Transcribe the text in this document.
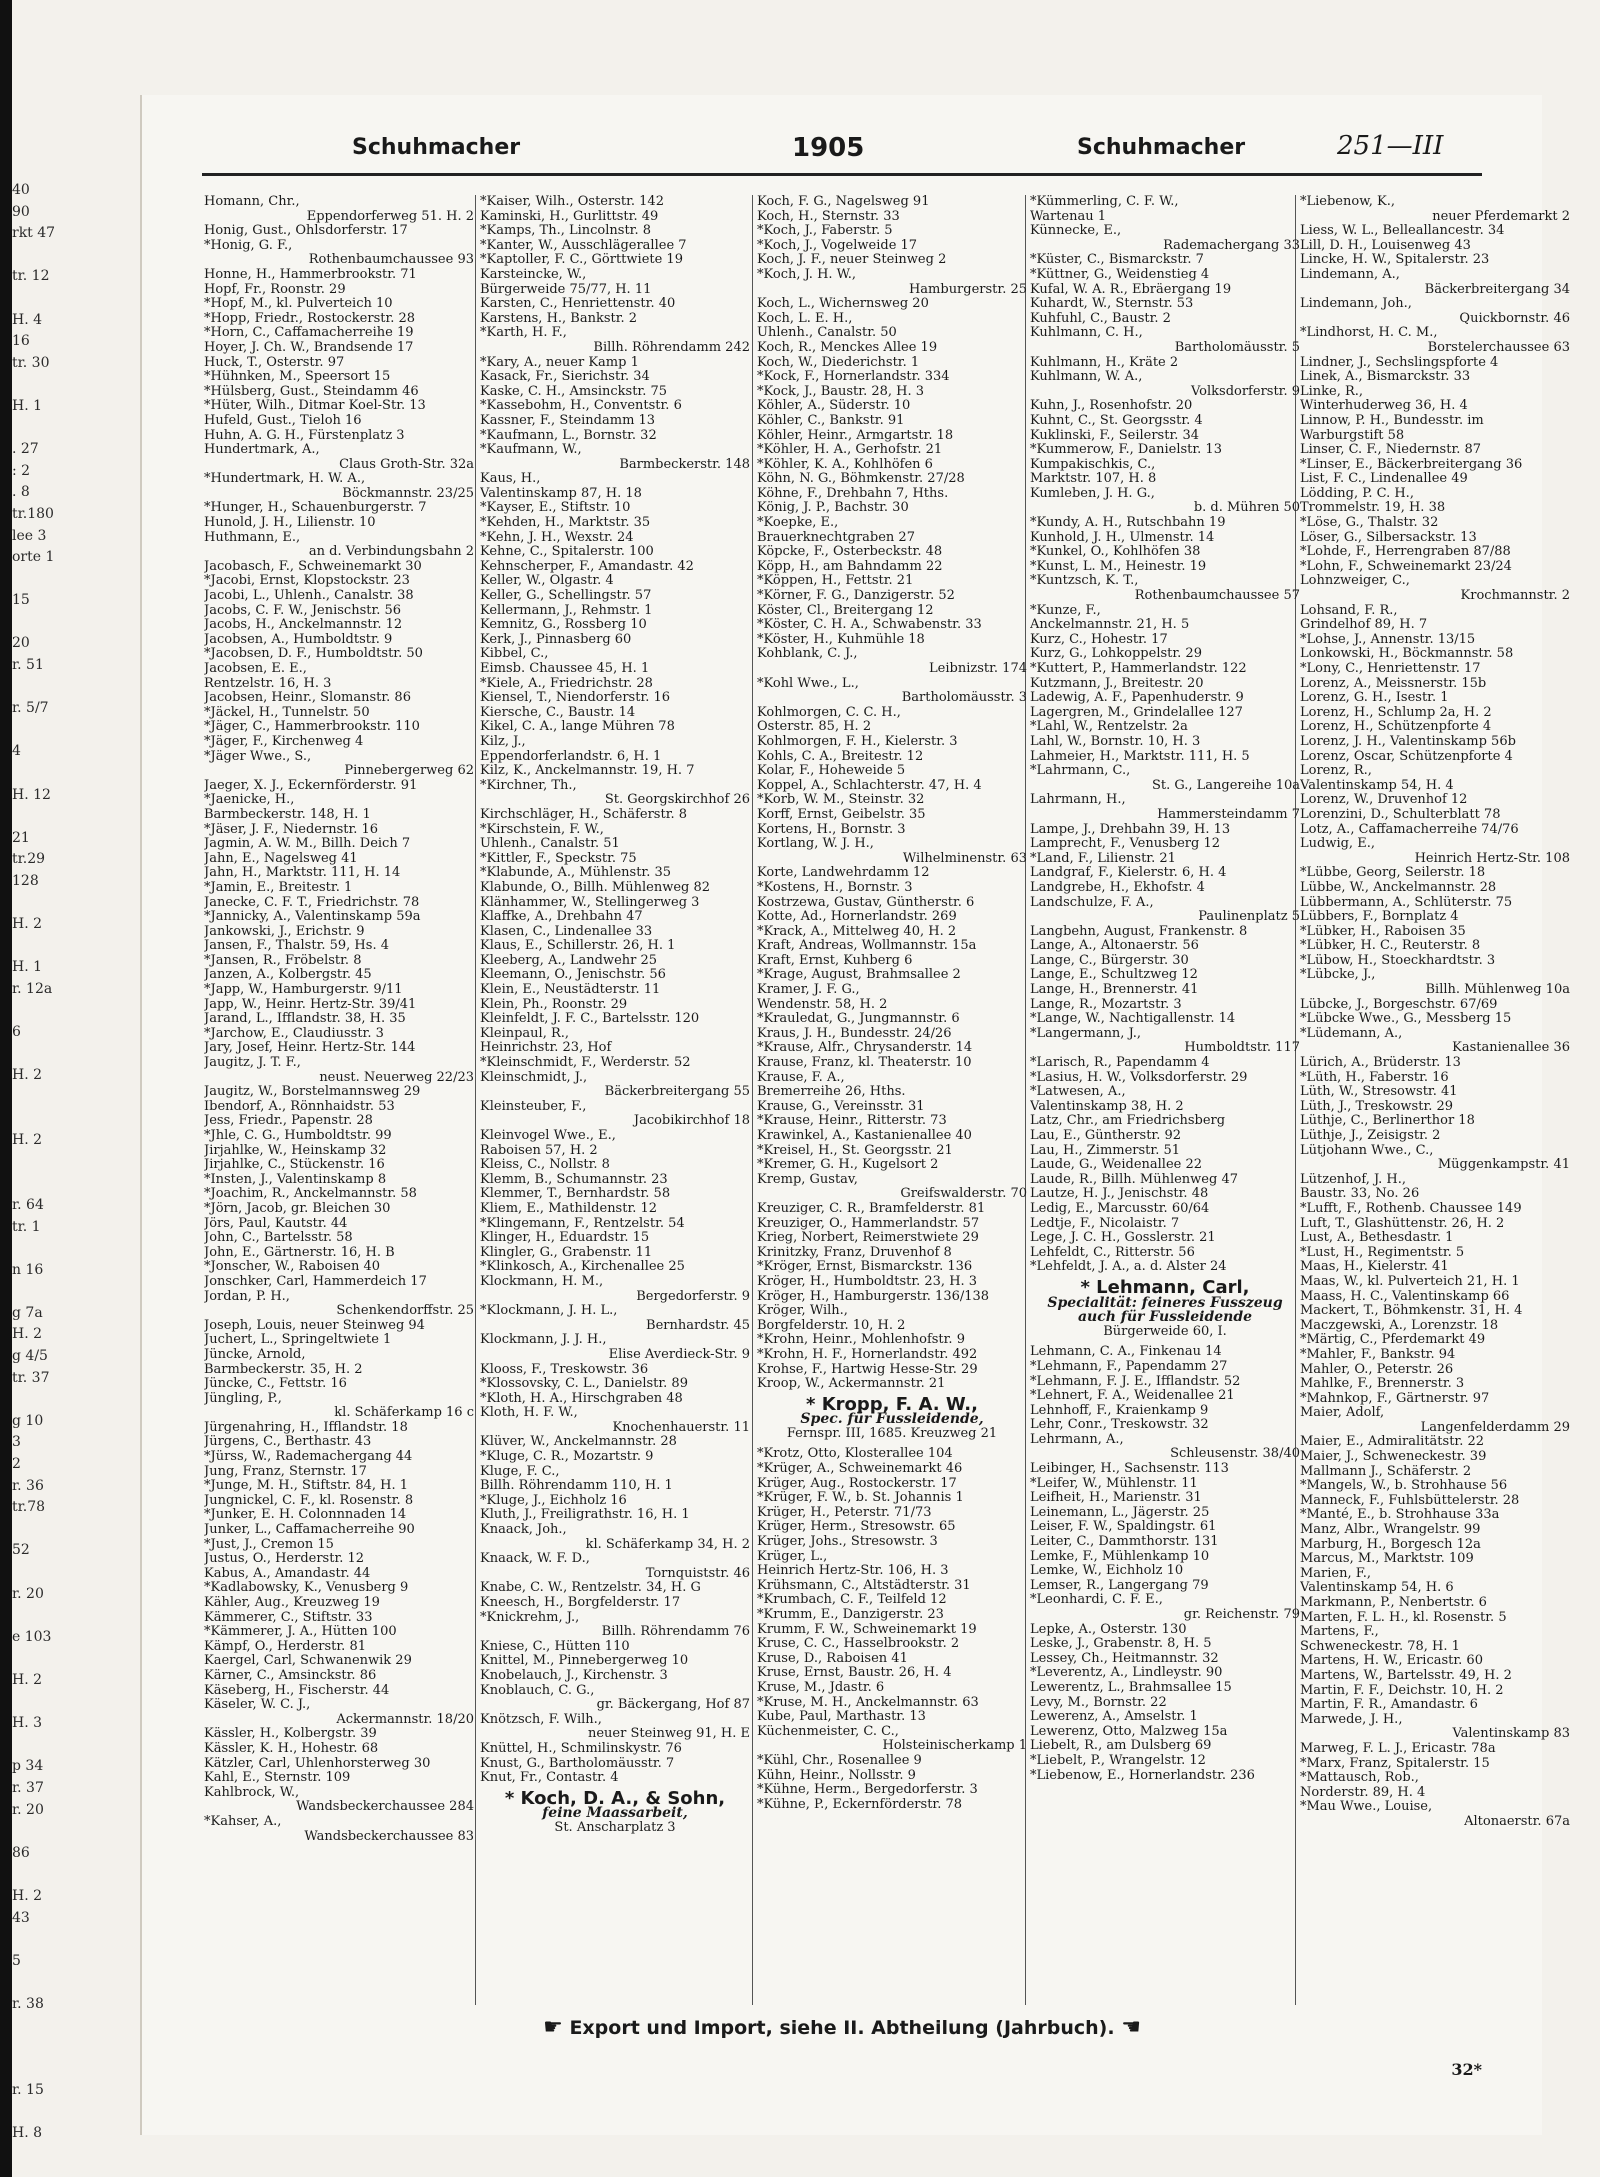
40
90
rkt 47

tr. 12

H. 4
16
tr. 30

H. 1

. 27
: 2
. 8
tr.180
lee 3
orte 1

15

20
r. 51

r. 5/7

4

H. 12

21
tr.29
128

H. 2

H. 1
r. 12a

6

H. 2

H. 2

r. 64
tr. 1

n 16

g 7a
H. 2
g 4/5
tr. 37

g 10
3
2
r. 36
tr.78

52

r. 20

e 103

H. 2

H. 3

p 34
r. 37
r. 20

86

H. 2
43

5

r. 38

r. 15

H. 8
Schuhmacher	1905	Schuhmacher	251—III
Homann, Chr.,
Eppendorferweg 51. H. 2
Honig, Gust., Ohlsdorferstr. 17
*Honig, G. F.,
Rothenbaumchaussee 93
Honne, H., Hammerbrookstr. 71
Hopf, Fr., Roonstr. 29
*Hopf, M., kl. Pulverteich 10
*Hopp, Friedr., Rostockerstr. 28
*Horn, C., Caffamacherreihe 19
Hoyer, J. Ch. W., Brandsende 17
Huck, T., Osterstr. 97
*Hühnken, M., Speersort 15
*Hülsberg, Gust., Steindamm 46
*Hüter, Wilh., Ditmar Koel-Str. 13
Hufeld, Gust., Tieloh 16
Huhn, A. G. H., Fürstenplatz 3
Hundertmark, A.,
Claus Groth-Str. 32a
*Hundertmark, H. W. A.,
Böckmannstr. 23/25
*Hunger, H., Schauenburgerstr. 7
Hunold, J. H., Lilienstr. 10
Huthmann, E.,
an d. Verbindungsbahn 2
Jacobasch, F., Schweinemarkt 30
*Jacobi, Ernst, Klopstockstr. 23
Jacobi, L., Uhlenh., Canalstr. 38
Jacobs, C. F. W., Jenischstr. 56
Jacobs, H., Anckelmannstr. 12
Jacobsen, A., Humboldtstr. 9
*Jacobsen, D. F., Humboldtstr. 50
Jacobsen, E. E.,
Rentzelstr. 16, H. 3
Jacobsen, Heinr., Slomanstr. 86
*Jäckel, H., Tunnelstr. 50
*Jäger, C., Hammerbrookstr. 110
*Jäger, F., Kirchenweg 4
*Jäger Wwe., S.,
Pinnebergerweg 62
Jaeger, X. J., Eckernförderstr. 91
*Jaenicke, H.,
Barmbeckerstr. 148, H. 1
*Jäser, J. F., Niedernstr. 16
Jagmin, A. W. M., Billh. Deich 7
Jahn, E., Nagelsweg 41
Jahn, H., Marktstr. 111, H. 14
*Jamin, E., Breitestr. 1
Janecke, C. F. T., Friedrichstr. 78
*Jannicky, A., Valentinskamp 59a
Jankowski, J., Erichstr. 9
Jansen, F., Thalstr. 59, Hs. 4
*Jansen, R., Fröbelstr. 8
Janzen, A., Kolbergstr. 45
*Japp, W., Hamburgerstr. 9/11
Japp, W., Heinr. Hertz-Str. 39/41
Jarand, L., Ifflandstr. 38, H. 35
*Jarchow, E., Claudiusstr. 3
Jary, Josef, Heinr. Hertz-Str. 144
Jaugitz, J. T. F.,
neust. Neuerweg 22/23
Jaugitz, W., Borstelmannsweg 29
Ibendorf, A., Rönnhaidstr. 53
Jess, Friedr., Papenstr. 28
*Jhle, C. G., Humboldtstr. 99
Jirjahlke, W., Heinskamp 32
Jirjahlke, C., Stückenstr. 16
*Insten, J., Valentinskamp 8
*Joachim, R., Anckelmannstr. 58
*Jörn, Jacob, gr. Bleichen 30
Jörs, Paul, Kautstr. 44
John, C., Bartelsstr. 58
John, E., Gärtnerstr. 16, H. B
*Jonscher, W., Raboisen 40
Jonschker, Carl, Hammerdeich 17
Jordan, P. H.,
Schenkendorffstr. 25
Joseph, Louis, neuer Steinweg 94
Juchert, L., Springeltwiete 1
Jüncke, Arnold,
Barmbeckerstr. 35, H. 2
Jüncke, C., Fettstr. 16
Jüngling, P.,
kl. Schäferkamp 16 c
Jürgenahring, H., Ifflandstr. 18
Jürgens, C., Berthastr. 43
*Jürss, W., Rademachergang 44
Jung, Franz, Sternstr. 17
*Junge, M. H., Stiftstr. 84, H. 1
Jungnickel, C. F., kl. Rosenstr. 8
*Junker, E. H. Colonnnaden 14
Junker, L., Caffamacherreihe 90
*Just, J., Cremon 15
Justus, O., Herderstr. 12
Kabus, A., Amandastr. 44
*Kadlabowsky, K., Venusberg 9
Kähler, Aug., Kreuzweg 19
Kämmerer, C., Stiftstr. 33
*Kämmerer, J. A., Hütten 100
Kämpf, O., Herderstr. 81
Kaergel, Carl, Schwanenwik 29
Kärner, C., Amsinckstr. 86
Käseberg, H., Fischerstr. 44
Käseler, W. C. J.,
Ackermannstr. 18/20
Kässler, H., Kolbergstr. 39
Kässler, K. H., Hohestr. 68
Kätzler, Carl, Uhlenhorsterweg 30
Kahl, E., Sternstr. 109
Kahlbrock, W.,
Wandsbeckerchaussee 284
*Kahser, A.,
Wandsbeckerchaussee 83
*Kaiser, Wilh., Osterstr. 142
Kaminski, H., Gurlittstr. 49
*Kamps, Th., Lincolnstr. 8
*Kanter, W., Ausschlägerallee 7
*Kaptoller, F. C., Görttwiete 19
Karsteincke, W.,
Bürgerweide 75/77, H. 11
Karsten, C., Henriettenstr. 40
Karstens, H., Bankstr. 2
*Karth, H. F.,
Billh. Röhrendamm 242
*Kary, A., neuer Kamp 1
Kasack, Fr., Sierichstr. 34
Kaske, C. H., Amsinckstr. 75
*Kassebohm, H., Conventstr. 6
Kassner, F., Steindamm 13
*Kaufmann, L., Bornstr. 32
*Kaufmann, W.,
Barmbeckerstr. 148
Kaus, H.,
Valentinskamp 87, H. 18
*Kayser, E., Stiftstr. 10
*Kehden, H., Marktstr. 35
*Kehn, J. H., Wexstr. 24
Kehne, C., Spitalerstr. 100
Kehnscherper, F., Amandastr. 42
Keller, W., Olgastr. 4
Keller, G., Schellingstr. 57
Kellermann, J., Rehmstr. 1
Kemnitz, G., Rossberg 10
Kerk, J., Pinnasberg 60
Kibbel, C.,
Eimsb. Chaussee 45, H. 1
*Kiele, A., Friedrichstr. 28
Kiensel, T., Niendorferstr. 16
Kiersche, C., Baustr. 14
Kikel, C. A., lange Mühren 78
Kilz, J.,
Eppendorferlandstr. 6, H. 1
Kilz, K., Anckelmannstr. 19, H. 7
*Kirchner, Th.,
St. Georgskirchhof 26
Kirchschläger, H., Schäferstr. 8
*Kirschstein, F. W.,
Uhlenh., Canalstr. 51
*Kittler, F., Speckstr. 75
*Klabunde, A., Mühlenstr. 35
Klabunde, O., Billh. Mühlenweg 82
Klänhammer, W., Stellingerweg 3
Klaffke, A., Drehbahn 47
Klasen, C., Lindenallee 33
Klaus, E., Schillerstr. 26, H. 1
Kleeberg, A., Landwehr 25
Kleemann, O., Jenischstr. 56
Klein, E., Neustädterstr. 11
Klein, Ph., Roonstr. 29
Kleinfeldt, J. F. C., Bartelsstr. 120
Kleinpaul, R.,
Heinrichstr. 23, Hof
*Kleinschmidt, F., Werderstr. 52
Kleinschmidt, J.,
Bäckerbreitergang 55
Kleinsteuber, F.,
Jacobikirchhof 18
Kleinvogel Wwe., E.,
Raboisen 57, H. 2
Kleiss, C., Nollstr. 8
Klemm, B., Schumannstr. 23
Klemmer, T., Bernhardstr. 58
Kliem, E., Mathildenstr. 12
*Klingemann, F., Rentzelstr. 54
Klinger, H., Eduardstr. 15
Klingler, G., Grabenstr. 11
*Klinkosch, A., Kirchenallee 25
Klockmann, H. M.,
Bergedorferstr. 9
*Klockmann, J. H. L.,
Bernhardstr. 45
Klockmann, J. J. H.,
Elise Averdieck-Str. 9
Klooss, F., Treskowstr. 36
*Klossovsky, C. L., Danielstr. 89
*Kloth, H. A., Hirschgraben 48
Kloth, H. F. W.,
Knochenhauerstr. 11
Klüver, W., Anckelmannstr. 28
*Kluge, C. R., Mozartstr. 9
Kluge, F. C.,
Billh. Röhrendamm 110, H. 1
*Kluge, J., Eichholz 16
Kluth, J., Freiligrathstr. 16, H. 1
Knaack, Joh.,
kl. Schäferkamp 34, H. 2
Knaack, W. F. D.,
Tornquiststr. 46
Knabe, C. W., Rentzelstr. 34, H. G
Kneesch, H., Borgfelderstr. 17
*Knickrehm, J.,
Billh. Röhrendamm 76
Kniese, C., Hütten 110
Knittel, M., Pinnebergerweg 10
Knobelauch, J., Kirchenstr. 3
Knoblauch, C. G.,
gr. Bäckergang, Hof 87
Knötzsch, F. Wilh.,
neuer Steinweg 91, H. E
Knüttel, H., Schmilinskystr. 76
Knust, G., Bartholomäusstr. 7
Knut, Fr., Contastr. 4
* Koch, D. A., & Sohn,
feine Maassarbeit,
St. Anscharplatz 3
Koch, F. G., Nagelsweg 91
Koch, H., Sternstr. 33
*Koch, J., Faberstr. 5
*Koch, J., Vogelweide 17
Koch, J. F., neuer Steinweg 2
*Koch, J. H. W.,
Hamburgerstr. 25
Koch, L., Wichernsweg 20
Koch, L. E. H.,
Uhlenh., Canalstr. 50
Koch, R., Menckes Allee 19
Koch, W., Diederichstr. 1
*Kock, F., Hornerlandstr. 334
*Kock, J., Baustr. 28, H. 3
Köhler, A., Süderstr. 10
Köhler, C., Bankstr. 91
Köhler, Heinr., Armgartstr. 18
*Köhler, H. A., Gerhofstr. 21
*Köhler, K. A., Kohlhöfen 6
Köhn, N. G., Böhmkenstr. 27/28
Köhne, F., Drehbahn 7, Hths.
König, J. P., Bachstr. 30
*Koepke, E.,
Brauerknechtgraben 27
Köpcke, F., Osterbeckstr. 48
Köpp, H., am Bahndamm 22
*Köppen, H., Fettstr. 21
*Körner, F. G., Danzigerstr. 52
Köster, Cl., Breitergang 12
*Köster, C. H. A., Schwabenstr. 33
*Köster, H., Kuhmühle 18
Kohblank, C. J.,
Leibnizstr. 174
*Kohl Wwe., L.,
Bartholomäusstr. 3
Kohlmorgen, C. C. H.,
Osterstr. 85, H. 2
Kohlmorgen, F. H., Kielerstr. 3
Kohls, C. A., Breitestr. 12
Kolar, F., Hoheweide 5
Koppel, A., Schlachterstr. 47, H. 4
*Korb, W. M., Steinstr. 32
Korff, Ernst, Geibelstr. 35
Kortens, H., Bornstr. 3
Kortlang, W. J. H.,
Wilhelminenstr. 63
Korte, Landwehrdamm 12
*Kostens, H., Bornstr. 3
Kostrzewa, Gustav, Güntherstr. 6
Kotte, Ad., Hornerlandstr. 269
*Krack, A., Mittelweg 40, H. 2
Kraft, Andreas, Wollmannstr. 15a
Kraft, Ernst, Kuhberg 6
*Krage, August, Brahmsallee 2
Kramer, J. F. G.,
Wendenstr. 58, H. 2
*Krauledat, G., Jungmannstr. 6
Kraus, J. H., Bundesstr. 24/26
*Krause, Alfr., Chrysanderstr. 14
Krause, Franz, kl. Theaterstr. 10
Krause, F. A.,
Bremerreihe 26, Hths.
Krause, G., Vereinsstr. 31
*Krause, Heinr., Ritterstr. 73
Krawinkel, A., Kastanienallee 40
*Kreisel, H., St. Georgsstr. 21
*Kremer, G. H., Kugelsort 2
Kremp, Gustav,
Greifswalderstr. 70
Kreuziger, C. R., Bramfelderstr. 81
Kreuziger, O., Hammerlandstr. 57
Krieg, Norbert, Reimerstwiete 29
Krinitzky, Franz, Druvenhof 8
*Kröger, Ernst, Bismarckstr. 136
Kröger, H., Humboldtstr. 23, H. 3
Kröger, H., Hamburgerstr. 136/138
Kröger, Wilh.,
Borgfelderstr. 10, H. 2
*Krohn, Heinr., Mohlenhofstr. 9
*Krohn, H. F., Hornerlandstr. 492
Krohse, F., Hartwig Hesse-Str. 29
Kroop, W., Ackermannstr. 21
* Kropp, F. A. W.,
Spec. für Fussleidende,
Fernspr. III, 1685. Kreuzweg 21
*Krotz, Otto, Klosterallee 104
*Krüger, A., Schweinemarkt 46
Krüger, Aug., Rostockerstr. 17
*Krüger, F. W., b. St. Johannis 1
Krüger, H., Peterstr. 71/73
Krüger, Herm., Stresowstr. 65
Krüger, Johs., Stresowstr. 3
Krüger, L.,
Heinrich Hertz-Str. 106, H. 3
Krühsmann, C., Altstädterstr. 31
*Krumbach, C. F., Teilfeld 12
*Krumm, E., Danzigerstr. 23
Krumm, F. W., Schweinemarkt 19
Kruse, C. C., Hasselbrookstr. 2
Kruse, D., Raboisen 41
Kruse, Ernst, Baustr. 26, H. 4
Kruse, M., Jdastr. 6
*Kruse, M. H., Anckelmannstr. 63
Kube, Paul, Marthastr. 13
Küchenmeister, C. C.,
Holsteinischerkamp 1
*Kühl, Chr., Rosenallee 9
Kühn, Heinr., Nollsstr. 9
*Kühne, Herm., Bergedorferstr. 3
*Kühne, P., Eckernförderstr. 78
*Kümmerling, C. F. W.,
Wartenau 1
Künnecke, E.,
Rademachergang 33
*Küster, C., Bismarckstr. 7
*Küttner, G., Weidenstieg 4
Kufal, W. A. R., Ebräergang 19
Kuhardt, W., Sternstr. 53
Kuhfuhl, C., Baustr. 2
Kuhlmann, C. H.,
Bartholomäusstr. 5
Kuhlmann, H., Kräte 2
Kuhlmann, W. A.,
Volksdorferstr. 9
Kuhn, J., Rosenhofstr. 20
Kuhnt, C., St. Georgsstr. 4
Kuklinski, F., Seilerstr. 34
*Kummerow, F., Danielstr. 13
Kumpakischkis, C.,
Marktstr. 107, H. 8
Kumleben, J. H. G.,
b. d. Mühren 50
*Kundy, A. H., Rutschbahn 19
Kunhold, J. H., Ulmenstr. 14
*Kunkel, O., Kohlhöfen 38
*Kunst, L. M., Heinestr. 19
*Kuntzsch, K. T.,
Rothenbaumchaussee 57
*Kunze, F.,
Anckelmannstr. 21, H. 5
Kurz, C., Hohestr. 17
Kurz, G., Lohkoppelstr. 29
*Kuttert, P., Hammerlandstr. 122
Kutzmann, J., Breitestr. 20
Ladewig, A. F., Papenhuderstr. 9
Lagergren, M., Grindelallee 127
*Lahl, W., Rentzelstr. 2a
Lahl, W., Bornstr. 10, H. 3
Lahmeier, H., Marktstr. 111, H. 5
*Lahrmann, C.,
St. G., Langereihe 10a
Lahrmann, H.,
Hammersteindamm 7
Lampe, J., Drehbahn 39, H. 13
Lamprecht, F., Venusberg 12
*Land, F., Lilienstr. 21
Landgraf, F., Kielerstr. 6, H. 4
Landgrebe, H., Ekhofstr. 4
Landschulze, F. A.,
Paulinenplatz 5
Langbehn, August, Frankenstr. 8
Lange, A., Altonaerstr. 56
Lange, C., Bürgerstr. 30
Lange, E., Schultzweg 12
Lange, H., Brennerstr. 41
Lange, R., Mozartstr. 3
*Lange, W., Nachtigallenstr. 14
*Langermann, J.,
Humboldtstr. 117
*Larisch, R., Papendamm 4
*Lasius, H. W., Volksdorferstr. 29
*Latwesen, A.,
Valentinskamp 38, H. 2
Latz, Chr., am Friedrichsberg
Lau, E., Güntherstr. 92
Lau, H., Zimmerstr. 51
Laude, G., Weidenallee 22
Laude, R., Billh. Mühlenweg 47
Lautze, H. J., Jenischstr. 48
Ledig, E., Marcusstr. 60/64
Ledtje, F., Nicolaistr. 7
Lege, J. C. H., Gosslerstr. 21
Lehfeldt, C., Ritterstr. 56
*Lehfeldt, J. A., a. d. Alster 24
* Lehmann, Carl,
Specialität: feineres Fusszeug auch für Fussleidende
Bürgerweide 60, I.
Lehmann, C. A., Finkenau 14
*Lehmann, F., Papendamm 27
*Lehmann, F. J. E., Ifflandstr. 52
*Lehnert, F. A., Weidenallee 21
Lehnhoff, F., Kraienkamp 9
Lehr, Conr., Treskowstr. 32
Lehrmann, A.,
Schleusenstr. 38/40
Leibinger, H., Sachsenstr. 113
*Leifer, W., Mühlenstr. 11
Leifheit, H., Marienstr. 31
Leinemann, L., Jägerstr. 25
Leiser, F. W., Spaldingstr. 61
Leiter, C., Dammthorstr. 131
Lemke, F., Mühlenkamp 10
Lemke, W., Eichholz 10
Lemser, R., Langergang 79
*Leonhardi, C. F. E.,
gr. Reichenstr. 79
Lepke, A., Osterstr. 130
Leske, J., Grabenstr. 8, H. 5
Lessey, Ch., Heitmannstr. 32
*Leverentz, A., Lindleystr. 90
Lewerentz, L., Brahmsallee 15
Levy, M., Bornstr. 22
Lewerenz, A., Amselstr. 1
Lewerenz, Otto, Malzweg 15a
Liebelt, R., am Dulsberg 69
*Liebelt, P., Wrangelstr. 12
*Liebenow, E., Hornerlandstr. 236
*Liebenow, K.,
neuer Pferdemarkt 2
Liess, W. L., Belleallancestr. 34
Lill, D. H., Louisenweg 43
Lincke, H. W., Spitalerstr. 23
Lindemann, A.,
Bäckerbreitergang 34
Lindemann, Joh.,
Quickbornstr. 46
*Lindhorst, H. C. M.,
Borstelerchaussee 63
Lindner, J., Sechslingspforte 4
Linek, A., Bismarckstr. 33
Linke, R.,
Winterhuderweg 36, H. 4
Linnow, P. H., Bundesstr. im
Warburgstift 58
Linser, C. F., Niedernstr. 87
*Linser, E., Bäckerbreitergang 36
List, F. C., Lindenallee 49
Lödding, P. C. H.,
Trommelstr. 19, H. 38
*Löse, G., Thalstr. 32
Löser, G., Silbersackstr. 13
*Lohde, F., Herrengraben 87/88
*Lohn, F., Schweinemarkt 23/24
Lohnzweiger, C.,
Krochmannstr. 2
Lohsand, F. R.,
Grindelhof 89, H. 7
*Lohse, J., Annenstr. 13/15
Lonkowski, H., Böckmannstr. 58
*Lony, C., Henriettenstr. 17
Lorenz, A., Meissnerstr. 15b
Lorenz, G. H., Isestr. 1
Lorenz, H., Schlump 2a, H. 2
Lorenz, H., Schützenpforte 4
Lorenz, J. H., Valentinskamp 56b
Lorenz, Oscar, Schützenpforte 4
Lorenz, R.,
Valentinskamp 54, H. 4
Lorenz, W., Druvenhof 12
Lorenzini, D., Schulterblatt 78
Lotz, A., Caffamacherreihe 74/76
Ludwig, E.,
Heinrich Hertz-Str. 108
*Lübbe, Georg, Seilerstr. 18
Lübbe, W., Anckelmannstr. 28
Lübbermann, A., Schlüterstr. 75
Lübbers, F., Bornplatz 4
*Lübker, H., Raboisen 35
*Lübker, H. C., Reuterstr. 8
*Lübow, H., Stoeckhardtstr. 3
*Lübcke, J.,
Billh. Mühlenweg 10a
Lübcke, J., Borgeschstr. 67/69
*Lübcke Wwe., G., Messberg 15
*Lüdemann, A.,
Kastanienallee 36
Lürich, A., Brüderstr. 13
*Lüth, H., Faberstr. 16
Lüth, W., Stresowstr. 41
Lüth, J., Treskowstr. 29
Lüthje, C., Berlinerthor 18
Lüthje, J., Zeisigstr. 2
Lütjohann Wwe., C.,
Müggenkampstr. 41
Lützenhof, J. H.,
Baustr. 33, No. 26
*Lufft, F., Rothenb. Chaussee 149
Luft, T., Glashüttenstr. 26, H. 2
Lust, A., Bethesdastr. 1
*Lust, H., Regimentstr. 5
Maas, H., Kielerstr. 41
Maas, W., kl. Pulverteich 21, H. 1
Maass, H. C., Valentinskamp 66
Mackert, T., Böhmkenstr. 31, H. 4
Maczgewski, A., Lorenzstr. 18
*Märtig, C., Pferdemarkt 49
*Mahler, F., Bankstr. 94
Mahler, O., Peterstr. 26
Mahlke, F., Brennerstr. 3
*Mahnkop, F., Gärtnerstr. 97
Maier, Adolf,
Langenfelderdamm 29
Maier, E., Admiralitätstr. 22
Maier, J., Schweneckestr. 39
Mallmann J., Schäferstr. 2
*Mangels, W., b. Strohhause 56
Manneck, F., Fuhlsbüttelerstr. 28
*Manté, E., b. Strohhause 33a
Manz, Albr., Wrangelstr. 99
Marburg, H., Borgesch 12a
Marcus, M., Marktstr. 109
Marien, F.,
Valentinskamp 54, H. 6
Markmann, P., Nenbertstr. 6
Marten, F. L. H., kl. Rosenstr. 5
Martens, F.,
Schweneckestr. 78, H. 1
Martens, H. W., Ericastr. 60
Martens, W., Bartelsstr. 49, H. 2
Martin, F. F., Deichstr. 10, H. 2
Martin, F. R., Amandastr. 6
Marwede, J. H.,
Valentinskamp 83
Marweg, F. L. J., Ericastr. 78a
*Marx, Franz, Spitalerstr. 15
*Mattausch, Rob.,
Norderstr. 89, H. 4
*Mau Wwe., Louise,
Altonaerstr. 67a
☛ Export und Import, siehe II. Abtheilung (Jahrbuch). ☚
32*
